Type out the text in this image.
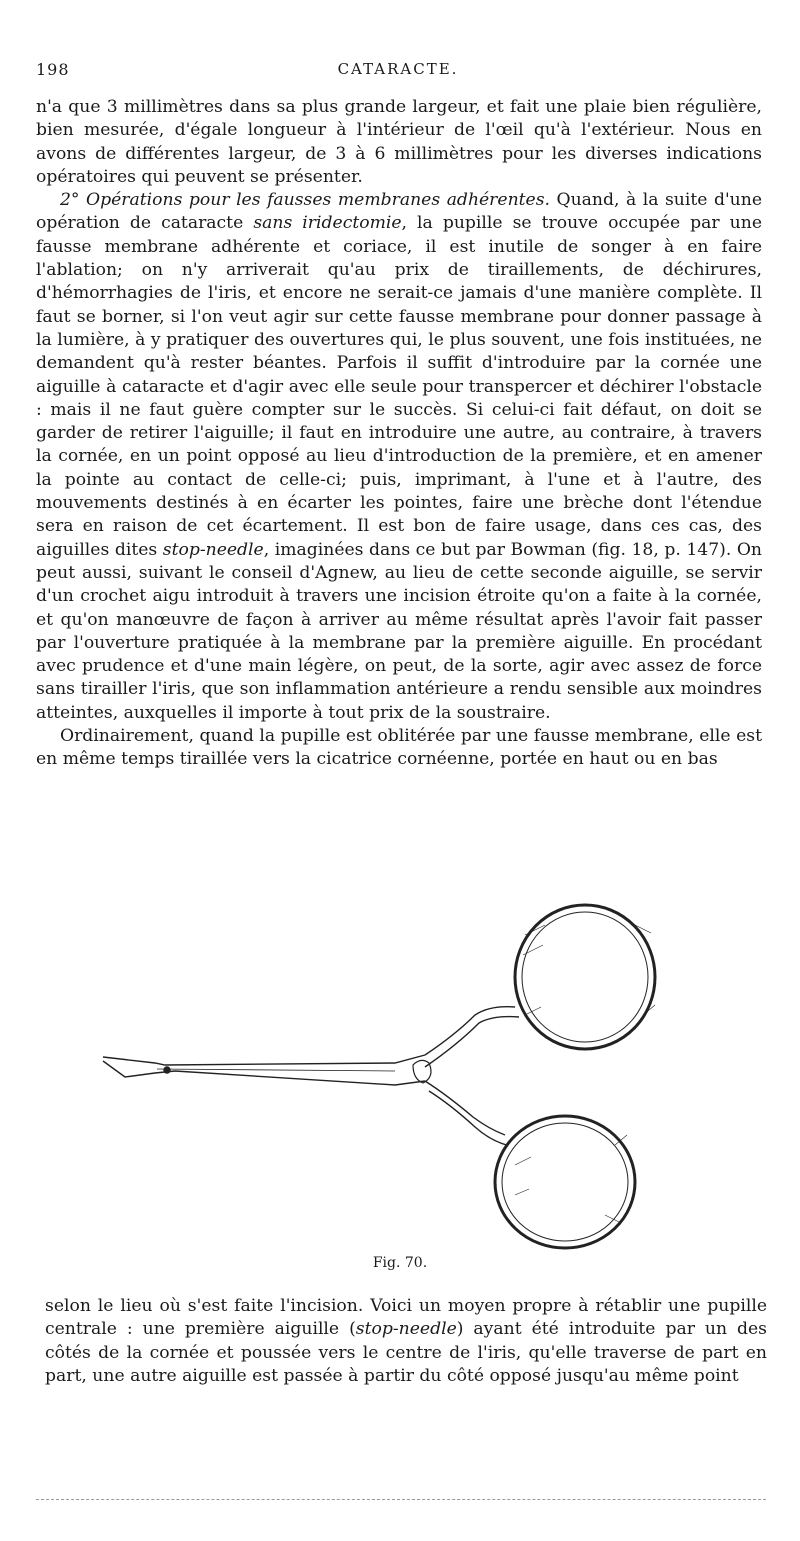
198	CATARACTE.

n'a que 3 millimètres dans sa plus grande largeur, et fait une plaie bien régulière, bien mesurée, d'égale longueur à l'intérieur de l'œil qu'à l'extérieur. Nous en avons de différentes largeur, de 3 à 6 millimètres pour les diverses indications opératoires qui peuvent se présenter.

2° Opérations pour les fausses membranes adhérentes. Quand, à la suite d'une opération de cataracte sans iridectomie, la pupille se trouve occupée par une fausse membrane adhérente et coriace, il est inutile de songer à en faire l'ablation; on n'y arriverait qu'au prix de tiraillements, de déchirures, d'hémorrhagies de l'iris, et encore ne serait-ce jamais d'une manière complète. Il faut se borner, si l'on veut agir sur cette fausse membrane pour donner passage à la lumière, à y pratiquer des ouvertures qui, le plus souvent, une fois instituées, ne demandent qu'à rester béantes. Parfois il suffit d'introduire par la cornée une aiguille à cataracte et d'agir avec elle seule pour transpercer et déchirer l'obstacle : mais il ne faut guère compter sur le succès. Si celui-ci fait défaut, on doit se garder de retirer l'aiguille; il faut en introduire une autre, au contraire, à travers la cornée, en un point opposé au lieu d'introduction de la première, et en amener la pointe au contact de celle-ci; puis, imprimant, à l'une et à l'autre, des mouvements destinés à en écarter les pointes, faire une brèche dont l'étendue sera en raison de cet écartement. Il est bon de faire usage, dans ces cas, des aiguilles dites stop-needle, imaginées dans ce but par Bowman (fig. 18, p. 147). On peut aussi, suivant le conseil d'Agnew, au lieu de cette seconde aiguille, se servir d'un crochet aigu introduit à travers une incision étroite qu'on a faite à la cornée, et qu'on manœuvre de façon à arriver au même résultat après l'avoir fait passer par l'ouverture pratiquée à la membrane par la première aiguille. En procédant avec prudence et d'une main légère, on peut, de la sorte, agir avec assez de force sans tirailler l'iris, que son inflammation antérieure a rendu sensible aux moindres atteintes, auxquelles il importe à tout prix de la soustraire.

Ordinairement, quand la pupille est oblitérée par une fausse membrane, elle est en même temps tiraillée vers la cicatrice cornéenne, portée en haut ou en bas

Fig. 70.

selon le lieu où s'est faite l'incision. Voici un moyen propre à rétablir une pupille centrale : une première aiguille (stop-needle) ayant été introduite par un des côtés de la cornée et poussée vers le centre de l'iris, qu'elle traverse de part en part, une autre aiguille est passée à partir du côté opposé jusqu'au même point
